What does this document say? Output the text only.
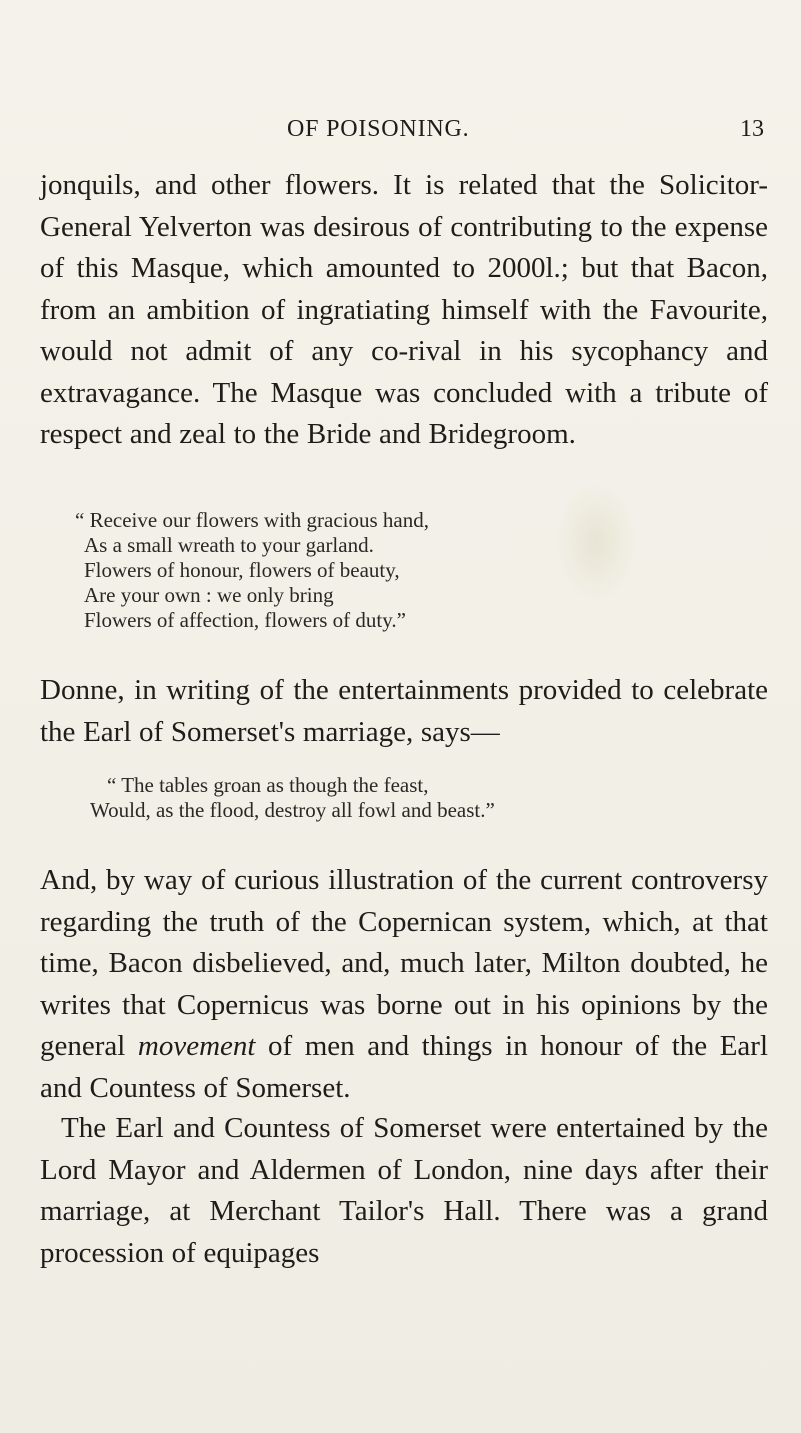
OF POISONING.	13

jonquils, and other flowers. It is related that the Solicitor-General Yelverton was desirous of contributing to the expense of this Masque, which amounted to 2000l.; but that Bacon, from an ambition of ingratiating himself with the Favourite, would not admit of any co-rival in his sycophancy and extravagance. The Masque was concluded with a tribute of respect and zeal to the Bride and Bridegroom.

“ Receive our flowers with gracious hand,
As a small wreath to your garland.
Flowers of honour, flowers of beauty,
Are your own : we only bring
Flowers of affection, flowers of duty.”

Donne, in writing of the entertainments provided to celebrate the Earl of Somerset's marriage, says—

“ The tables groan as though the feast,
Would, as the flood, destroy all fowl and beast.”

And, by way of curious illustration of the current controversy regarding the truth of the Copernican system, which, at that time, Bacon disbelieved, and, much later, Milton doubted, he writes that Copernicus was borne out in his opinions by the general movement of men and things in honour of the Earl and Countess of Somerset.

The Earl and Countess of Somerset were entertained by the Lord Mayor and Aldermen of London, nine days after their marriage, at Merchant Tailor's Hall. There was a grand procession of equipages
